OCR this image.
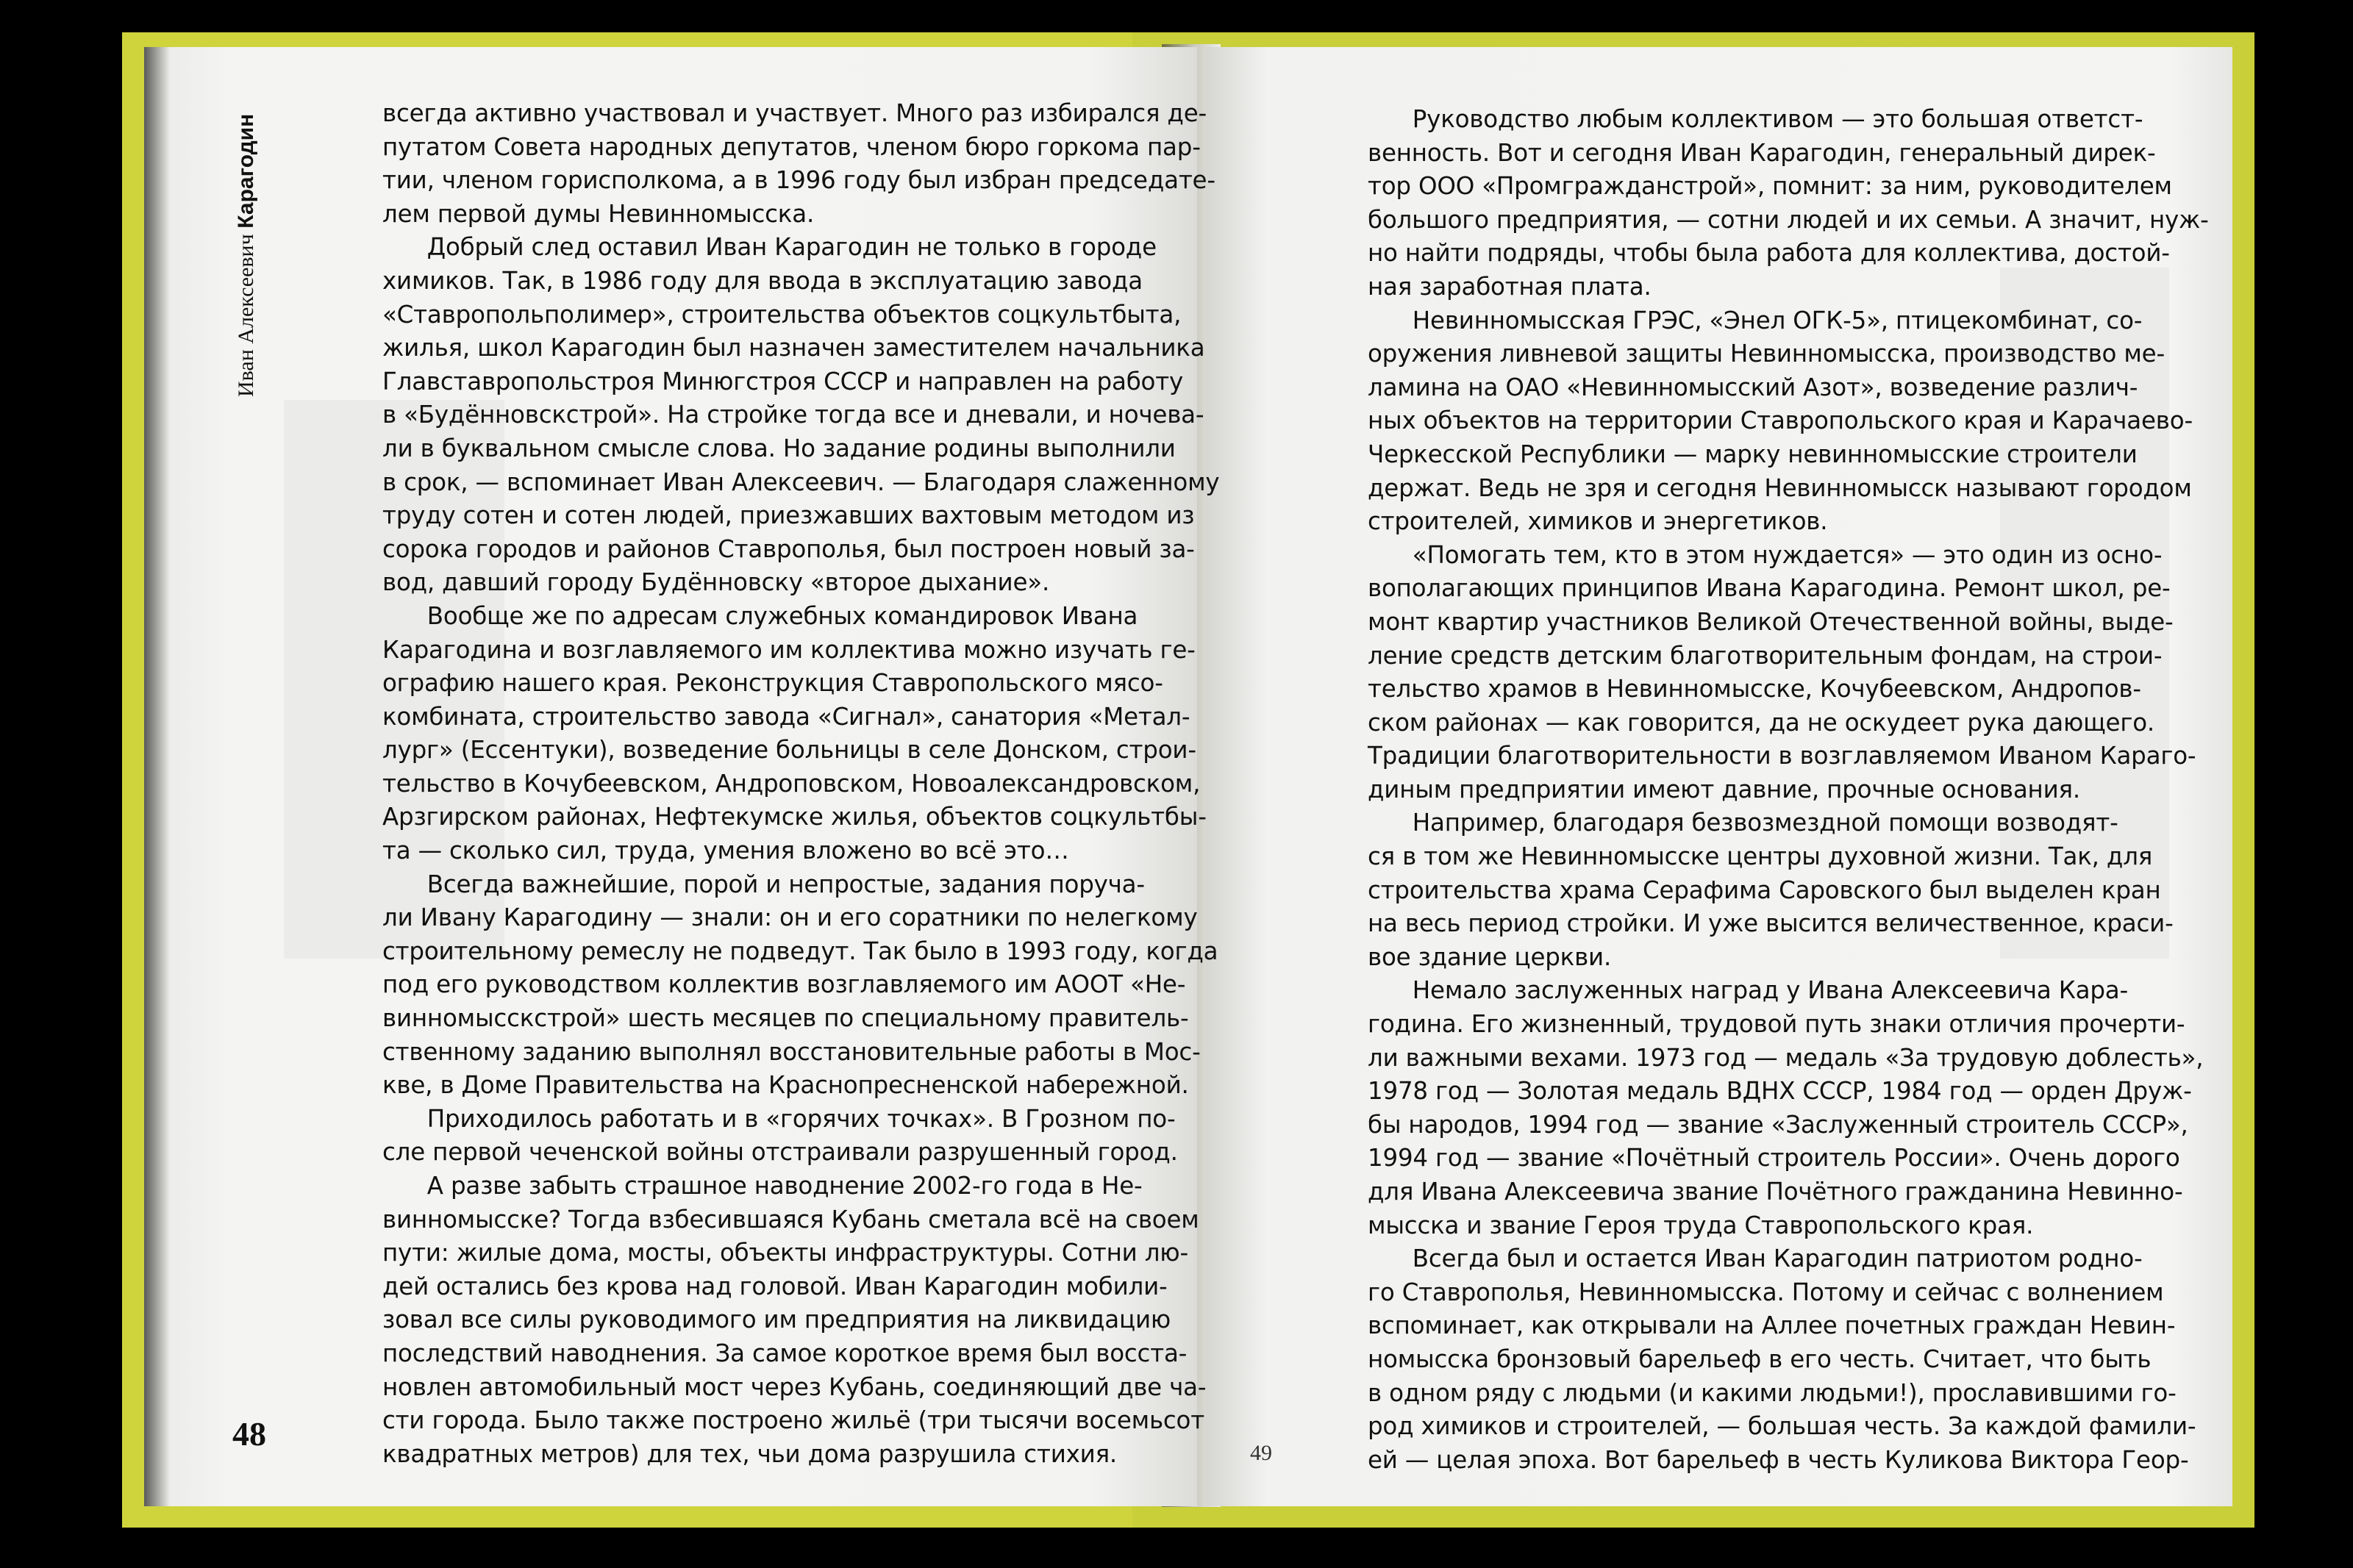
Иван Алексеевич Карагодин
всегда активно участвовал и участвует. Много раз избирался де-
путатом Совета народных депутатов, членом бюро горкома пар-
тии, членом горисполкома, а в 1996 году был избран председате-
лем первой думы Невинномысска.
Добрый след оставил Иван Карагодин не только в городе
химиков. Так, в 1986 году для ввода в эксплуатацию завода
«Ставропольполимер», строительства объектов соцкультбыта,
жилья, школ Карагодин был назначен заместителем начальника
Главставропольстроя Минюгстроя СССР и направлен на работу
в «Будённовскстрой». На стройке тогда все и дневали, и ночева-
ли в буквальном смысле слова. Но задание родины выполнили
в срок, — вспоминает Иван Алексеевич. — Благодаря слаженному
труду сотен и сотен людей, приезжавших вахтовым методом из
сорока городов и районов Ставрополья, был построен новый за-
вод, давший городу Будённовску «второе дыхание».
Вообще же по адресам служебных командировок Ивана
Карагодина и возглавляемого им коллектива можно изучать ге-
ографию нашего края. Реконструкция Ставропольского мясо-
комбината, строительство завода «Сигнал», санатория «Метал-
лург» (Ессентуки), возведение больницы в селе Донском, строи-
тельство в Кочубеевском, Андроповском, Новоалександровском,
Арзгирском районах, Нефтекумске жилья, объектов соцкультбы-
та — сколько сил, труда, умения вложено во всё это…
Всегда важнейшие, порой и непростые, задания поруча-
ли Ивану Карагодину — знали: он и его соратники по нелегкому
строительному ремеслу не подведут. Так было в 1993 году, когда
под его руководством коллектив возглавляемого им АООТ «Не-
винномысскстрой» шесть месяцев по специальному правитель-
ственному заданию выполнял восстановительные работы в Мос-
кве, в Доме Правительства на Краснопресненской набережной.
Приходилось работать и в «горячих точках». В Грозном по-
сле первой чеченской войны отстраивали разрушенный город.
А разве забыть страшное наводнение 2002-го года в Не-
винномысске? Тогда взбесившаяся Кубань сметала всё на своем
пути: жилые дома, мосты, объекты инфраструктуры. Сотни лю-
дей остались без крова над головой. Иван Карагодин мобили-
зовал все силы руководимого им предприятия на ликвидацию
последствий наводнения. За самое короткое время был восста-
новлен автомобильный мост через Кубань, соединяющий две ча-
сти города. Было также построено жильё (три тысячи восемьсот
квадратных метров) для тех, чьи дома разрушила стихия.
Руководство любым коллективом — это большая ответст-
венность. Вот и сегодня Иван Карагодин, генеральный дирек-
тор ООО «Промгражданстрой», помнит: за ним, руководителем
большого предприятия, — сотни людей и их семьи. А значит, нуж-
но найти подряды, чтобы была работа для коллектива, достой-
ная заработная плата.
Невинномысская ГРЭС, «Энел ОГК-5», птицекомбинат, со-
оружения ливневой защиты Невинномысска, производство ме-
ламина на ОАО «Невинномысский Азот», возведение различ-
ных объектов на территории Ставропольского края и Карачаево-
Черкесской Республики — марку невинномысские строители
держат. Ведь не зря и сегодня Невинномысск называют городом
строителей, химиков и энергетиков.
«Помогать тем, кто в этом нуждается» — это один из осно-
вополагающих принципов Ивана Карагодина. Ремонт школ, ре-
монт квартир участников Великой Отечественной войны, выде-
ление средств детским благотворительным фондам, на строи-
тельство храмов в Невинномысске, Кочубеевском, Андропов-
ском районах — как говорится, да не оскудеет рука дающего.
Традиции благотворительности в возглавляемом Иваном Караго-
диным предприятии имеют давние, прочные основания.
Например, благодаря безвозмездной помощи возводят-
ся в том же Невинномысске центры духовной жизни. Так, для
строительства храма Серафима Саровского был выделен кран
на весь период стройки. И уже высится величественное, краси-
вое здание церкви.
Немало заслуженных наград у Ивана Алексеевича Кара-
година. Его жизненный, трудовой путь знаки отличия прочерти-
ли важными вехами. 1973 год — медаль «За трудовую доблесть»,
1978 год — Золотая медаль ВДНХ СССР, 1984 год — орден Друж-
бы народов, 1994 год — звание «Заслуженный строитель СССР»,
1994 год — звание «Почётный строитель России». Очень дорого
для Ивана Алексеевича звание Почётного гражданина Невинно-
мысска и звание Героя труда Ставропольского края.
Всегда был и остается Иван Карагодин патриотом родно-
го Ставрополья, Невинномысска. Потому и сейчас с волнением
вспоминает, как открывали на Аллее почетных граждан Невин-
номысска бронзовый барельеф в его честь. Считает, что быть
в одном ряду с людьми (и какими людьми!), прославившими го-
род химиков и строителей, — большая честь. За каждой фамили-
ей — целая эпоха. Вот барельеф в честь Куликова Виктора Геор-
48
49
